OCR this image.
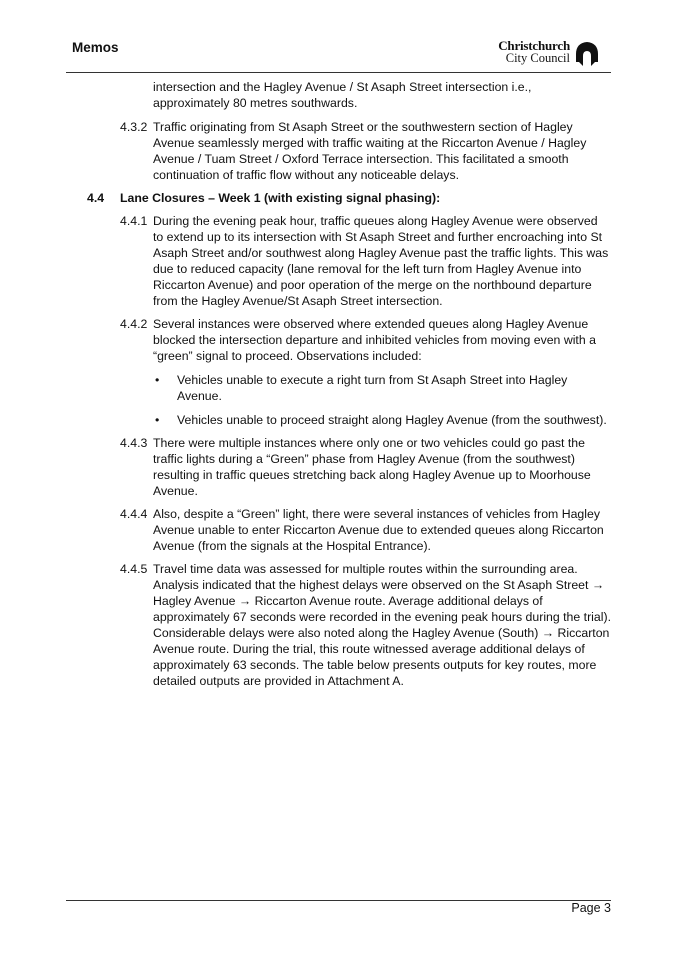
Memos	Christchurch
City Council

intersection and the Hagley Avenue / St Asaph Street intersection i.e., approximately 80 metres southwards.

4.3.2 Traffic originating from St Asaph Street or the southwestern section of Hagley Avenue seamlessly merged with traffic waiting at the Riccarton Avenue / Hagley Avenue / Tuam Street / Oxford Terrace intersection. This facilitated a smooth continuation of traffic flow without any noticeable delays.
4.4 Lane Closures – Week 1 (with existing signal phasing):
4.4.1 During the evening peak hour, traffic queues along Hagley Avenue were observed to extend up to its intersection with St Asaph Street and further encroaching into St Asaph Street and/or southwest along Hagley Avenue past the traffic lights. This was due to reduced capacity (lane removal for the left turn from Hagley Avenue into Riccarton Avenue) and poor operation of the merge on the northbound departure from the Hagley Avenue/St Asaph Street intersection.
4.4.2 Several instances were observed where extended queues along Hagley Avenue blocked the intersection departure and inhibited vehicles from moving even with a “green” signal to proceed. Observations included:
• Vehicles unable to execute a right turn from St Asaph Street into Hagley Avenue.
• Vehicles unable to proceed straight along Hagley Avenue (from the southwest).
4.4.3 There were multiple instances where only one or two vehicles could go past the traffic lights during a “Green” phase from Hagley Avenue (from the southwest) resulting in traffic queues stretching back along Hagley Avenue up to Moorhouse Avenue.
4.4.4 Also, despite a “Green” light, there were several instances of vehicles from Hagley Avenue unable to enter Riccarton Avenue due to extended queues along Riccarton Avenue (from the signals at the Hospital Entrance).
4.4.5 Travel time data was assessed for multiple routes within the surrounding area. Analysis indicated that the highest delays were observed on the St Asaph Street → Hagley Avenue → Riccarton Avenue route. Average additional delays of approximately 67 seconds were recorded in the evening peak hours during the trial). Considerable delays were also noted along the Hagley Avenue (South) → Riccarton Avenue route. During the trial, this route witnessed average additional delays of approximately 63 seconds. The table below presents outputs for key routes, more detailed outputs are provided in Attachment A.
Page 3
